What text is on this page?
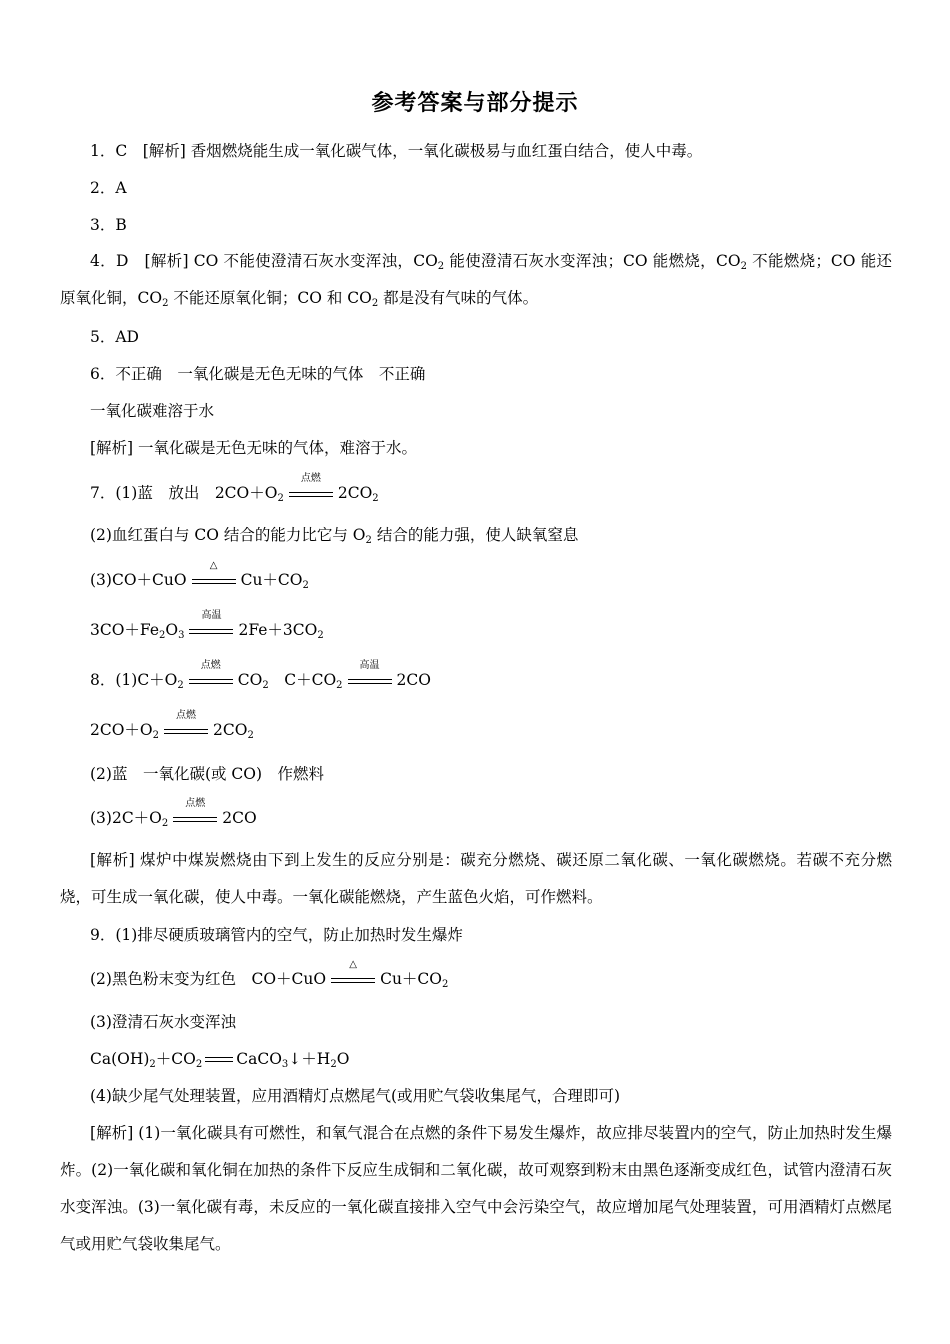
参考答案与部分提示
1．C　[解析] 香烟燃烧能生成一氧化碳气体，一氧化碳极易与血红蛋白结合，使人中毒。
2．A
3．B

4．D　[解析] CO 不能使澄清石灰水变浑浊，$CO_2$ 能使澄清石灰水变浑浊；CO 能燃烧，$CO_2$ 不能燃烧；CO 能还原氧化铜，$CO_2$ 不能还原氧化铜；CO 和 $CO_2$ 都是没有气味的气体。

5．AD
6．不正确　一氧化碳是无色无味的气体　不正确
一氧化碳难溶于水
[解析] 一氧化碳是无色无味的气体，难溶于水。
7．(1)蓝　放出　$2CO+O_2$
点燃
$2CO_2$
(2)血红蛋白与 CO 结合的能力比它与 $O_2$ 结合的能力强，使人缺氧窒息
(3)CO＋CuO
△
$Cu+CO_2$
$3CO+Fe_2O_3$
高温
$2Fe+3CO_2$
8．$(1)C+O_2$
点燃
$CO_2$　$C+CO_2$
高温
2CO
$2CO+O_2$
点燃
$2CO_2$
(2)蓝　一氧化碳(或 CO)　作燃料
$(3)2C+O_2$
点燃
2CO

[解析] 煤炉中煤炭燃烧由下到上发生的反应分别是：碳充分燃烧、碳还原二氧化碳、一氧化碳燃烧。若碳不充分燃烧，可生成一氧化碳，使人中毒。一氧化碳能燃烧，产生蓝色火焰，可作燃料。

9．(1)排尽硬质玻璃管内的空气，防止加热时发生爆炸
(2)黑色粉末变为红色　CO＋CuO
△
$Cu+CO_2$
(3)澄清石灰水变浑浊
$Ca(OH)_2+CO_2$ $CaCO_3↓+H_2O$
(4)缺少尾气处理装置，应用酒精灯点燃尾气(或用贮气袋收集尾气，合理即可)

[解析] (1)一氧化碳具有可燃性，和氧气混合在点燃的条件下易发生爆炸，故应排尽装置内的空气，防止加热时发生爆炸。(2)一氧化碳和氧化铜在加热的条件下反应生成铜和二氧化碳，故可观察到粉末由黑色逐渐变成红色，试管内澄清石灰水变浑浊。(3)一氧化碳有毒，未反应的一氧化碳直接排入空气中会污染空气，故应增加尾气处理装置，可用酒精灯点燃尾气或用贮气袋收集尾气。
